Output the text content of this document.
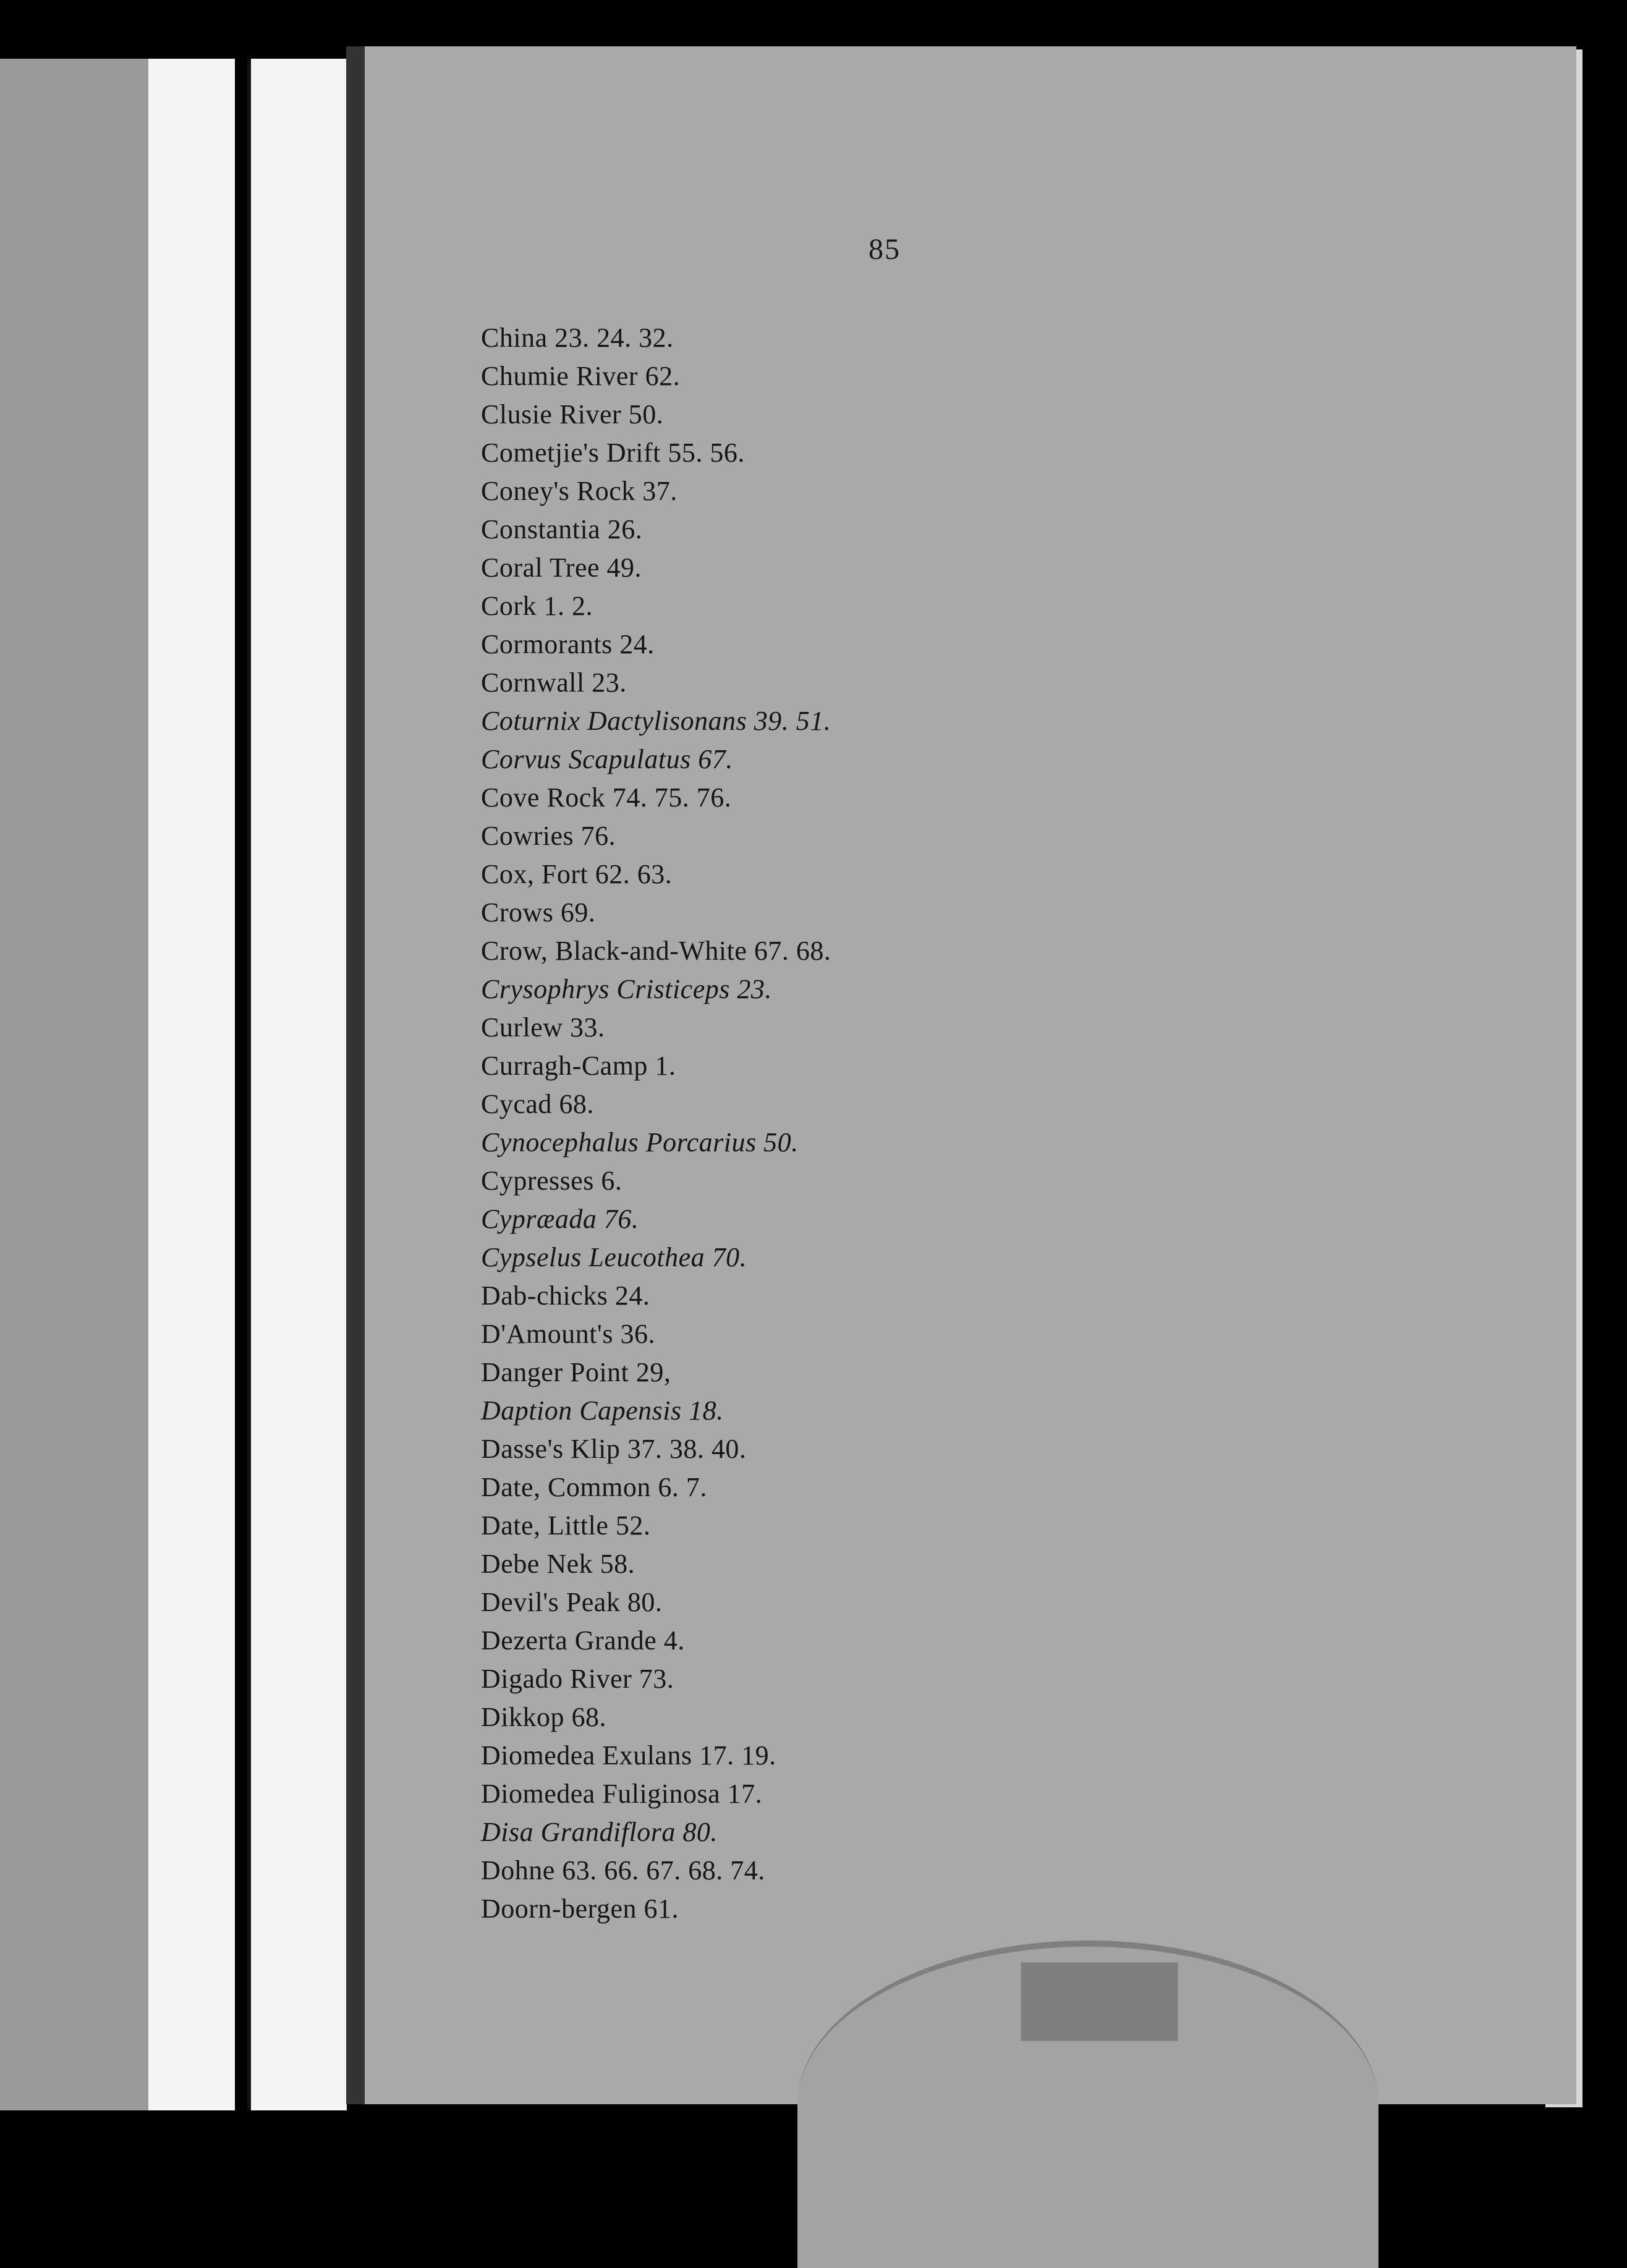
85
China 23. 24. 32.
Chumie River 62.
Clusie River 50.
Cometjie's Drift 55. 56.
Coney's Rock 37.
Constantia 26.
Coral Tree 49.
Cork 1. 2.
Cormorants 24.
Cornwall 23.
Coturnix Dactylisonans 39. 51.
Corvus Scapulatus 67.
Cove Rock 74. 75. 76.
Cowries 76.
Cox, Fort 62. 63.
Crows 69.
Crow, Black-and-White 67. 68.
Crysophrys Cristiceps 23.
Curlew 33.
Curragh-Camp 1.
Cycad 68.
Cynocephalus Porcarius 50.
Cypresses 6.
Cypræada 76.
Cypselus Leucothea 70.
Dab-chicks 24.
D'Amount's 36.
Danger Point 29,
Daption Capensis 18.
Dasse's Klip 37. 38. 40.
Date, Common 6. 7.
Date, Little 52.
Debe Nek 58.
Devil's Peak 80.
Dezerta Grande 4.
Digado River 73.
Dikkop 68.
Diomedea Exulans 17. 19.
Diomedea Fuliginosa 17.
Disa Grandiflora 80.
Dohne 63. 66. 67. 68. 74.
Doorn-bergen 61.
